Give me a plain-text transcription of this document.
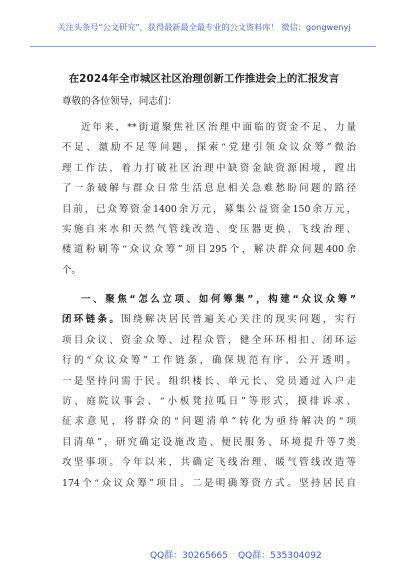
关注头条号“公文研究”，获得最新最全最专业的公文资料库！ 微信：gongwenyj
在2024年全市城区社区治理创新工作推进会上的汇报发言
尊敬的各位领导，同志们：

近年来，**街道聚焦社区治理中面临的资金不足、力量
不足、激励不足等问题，探索“党建引领众议众筹”微治
理工作法，着力打破社区治理中缺资金缺资源困境，蹚出
了一条破解与群众日常生活息息相关急难愁盼问题的路径
目前，已众筹资金1400余万元，募集公益资金150余万元，
实施自来水和天然气管线改造、变压器更换、飞线治理、
楼道粉刷等“众议众筹”项目295个，解决群众问题400余
个。

一、聚焦“怎么立项、如何筹集”，构建“众议众筹”
闭环链条。围绕解决居民普遍关心关注的现实问题，实行
项目众议、资金众筹、过程众管，健全环环相扣、闭环运
行的“众议众筹”工作链条，确保规范有序、公开透明。
一是坚持问需于民。组织楼长、单元长、党员通过入户走
访、庭院议事会、“小板凳拉呱日”等形式，摸排诉求、
征求意见，将群众的“问题清单”转化为亟待解决的“项
目清单”，研究确定设施改造、便民服务、环境提升等7类
攻坚事项。今年以来，共确定飞线治理、暖气管线改造等
174个“众议众筹”项目。二是明确筹资方式。坚持居民自

QQ群：30265665 QQ群：535304092
